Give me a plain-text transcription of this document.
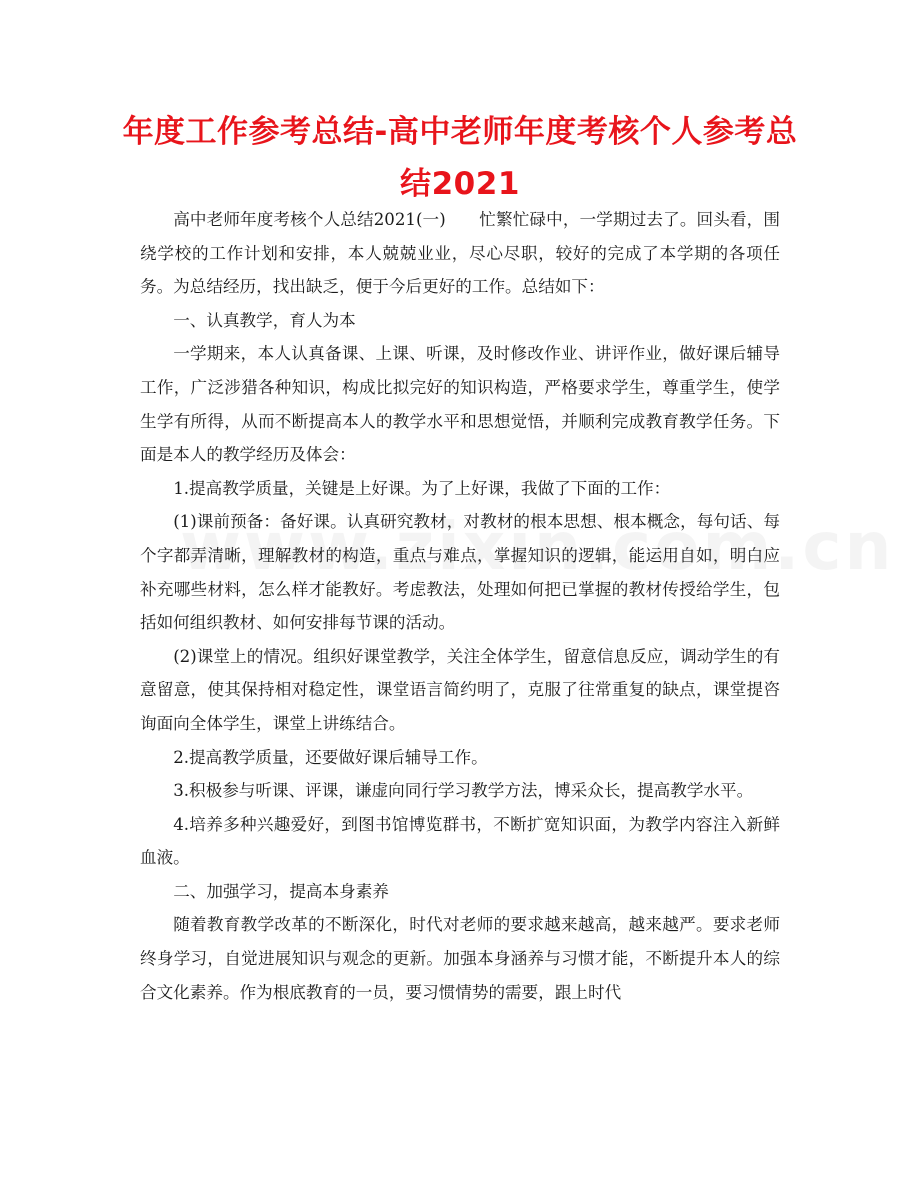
年度工作参考总结-高中老师年度考核个人参考总结2021

高中老师年度考核个人总结2021(一)　　忙繁忙碌中，一学期过去了。回头看，围绕学校的工作计划和安排，本人兢兢业业，尽心尽职，较好的完成了本学期的各项任务。为总结经历，找出缺乏，便于今后更好的工作。总结如下：

一、认真教学，育人为本

一学期来，本人认真备课、上课、听课，及时修改作业、讲评作业，做好课后辅导工作，广泛涉猎各种知识，构成比拟完好的知识构造，严格要求学生，尊重学生，使学生学有所得，从而不断提高本人的教学水平和思想觉悟，并顺利完成教育教学任务。下面是本人的教学经历及体会：

1.提高教学质量，关键是上好课。为了上好课，我做了下面的工作：

(1)课前预备：备好课。认真研究教材，对教材的根本思想、根本概念，每句话、每个字都弄清晰，理解教材的构造，重点与难点，掌握知识的逻辑，能运用自如，明白应补充哪些材料，怎么样才能教好。考虑教法，处理如何把已掌握的教材传授给学生，包括如何组织教材、如何安排每节课的活动。

(2)课堂上的情况。组织好课堂教学，关注全体学生，留意信息反应，调动学生的有意留意，使其保持相对稳定性，课堂语言简约明了，克服了往常重复的缺点，课堂提咨询面向全体学生，课堂上讲练结合。

2.提高教学质量，还要做好课后辅导工作。

3.积极参与听课、评课，谦虚向同行学习教学方法，博采众长，提高教学水平。

4.培养多种兴趣爱好，到图书馆博览群书，不断扩宽知识面，为教学内容注入新鲜血液。

二、加强学习，提高本身素养

随着教育教学改革的不断深化，时代对老师的要求越来越高，越来越严。要求老师终身学习，自觉进展知识与观念的更新。加强本身涵养与习惯才能，不断提升本人的综合文化素养。作为根底教育的一员，要习惯情势的需要，跟上时代
